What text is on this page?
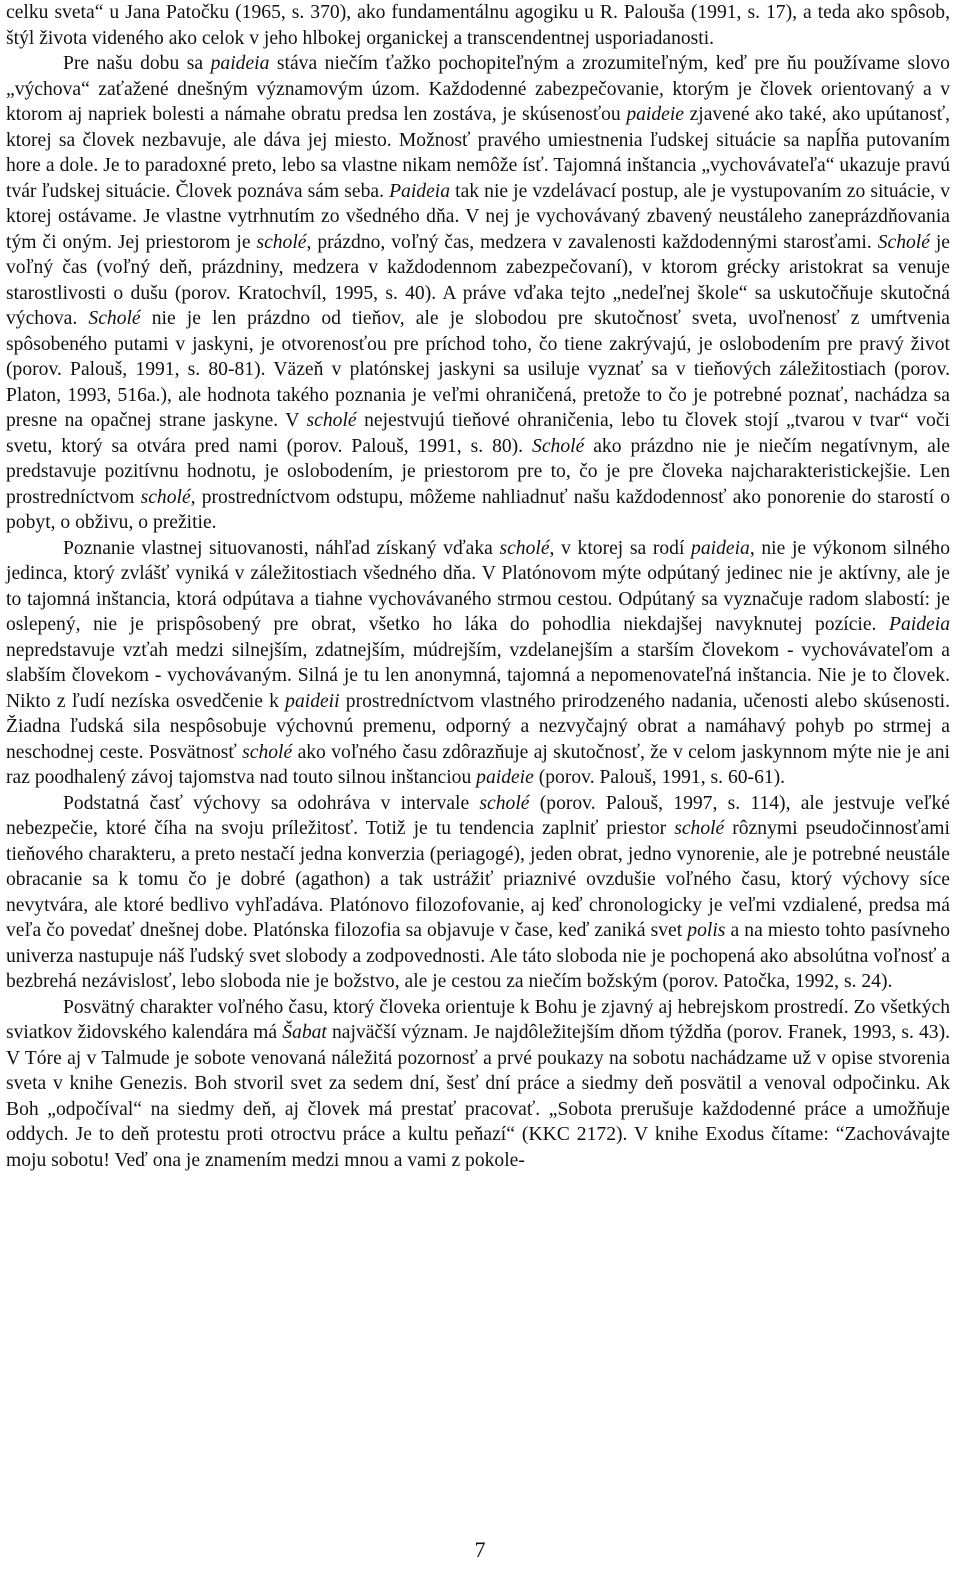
celku sveta“ u Jana Patočku (1965, s. 370), ako fundamentálnu agogiku u R. Palouša (1991, s. 17), a teda ako spôsob, štýl života videného ako celok v jeho hlbokej organickej a transcendentnej usporiadanosti.

Pre našu dobu sa paideia stáva niečím ťažko pochopiteľným a zrozumiteľným, keď pre ňu používame slovo „výchova“ zaťažené dnešným významovým úzom. Každodenné zabezpečovanie, ktorým je človek orientovaný a v ktorom aj napriek bolesti a námahe obratu predsa len zostáva, je skúsenosťou paideie zjavené ako také, ako upútanosť, ktorej sa človek nezbavuje, ale dáva jej miesto. Možnosť pravého umiestnenia ľudskej situácie sa napĺňa putovaním hore a dole. Je to paradoxné preto, lebo sa vlastne nikam nemôže ísť. Tajomná inštancia „vychovávateľa“ ukazuje pravú tvár ľudskej situácie. Človek poznáva sám seba. Paideia tak nie je vzdelávací postup, ale je vystupovaním zo situácie, v ktorej ostávame. Je vlastne vytrhnutím zo všedného dňa. V nej je vychovávaný zbavený neustáleho zaneprázdňovania tým či oným. Jej priestorom je scholé, prázdno, voľný čas, medzera v zavalenosti každodennými starosťami. Scholé je voľný čas (voľný deň, prázdniny, medzera v každodennom zabezpečovaní), v ktorom grécky aristokrat sa venuje starostlivosti o dušu (porov. Kratochvíl, 1995, s. 40). A práve vďaka tejto „nedeľnej škole“ sa uskutočňuje skutočná výchova. Scholé nie je len prázdno od tieňov, ale je slobodou pre skutočnosť sveta, uvoľnenosť z umŕtvenia spôsobeného putami v jaskyni, je otvorenosťou pre príchod toho, čo tiene zakrývajú, je oslobodením pre pravý život (porov. Palouš, 1991, s. 80-81). Väzeň v platónskej jaskyni sa usiluje vyznať sa v tieňových záležitostiach (porov. Platon, 1993, 516a.), ale hodnota takého poznania je veľmi ohraničená, pretože to čo je potrebné poznať, nachádza sa presne na opačnej strane jaskyne. V scholé nejestvujú tieňové ohraničenia, lebo tu človek stojí „tvarou v tvar“ voči svetu, ktorý sa otvára pred nami (porov. Palouš, 1991, s. 80). Scholé ako prázdno nie je niečím negatívnym, ale predstavuje pozitívnu hodnotu, je oslobodením, je priestorom pre to, čo je pre človeka najcharakteristickejšie. Len prostredníctvom scholé, prostredníctvom odstupu, môžeme nahliadnuť našu každodennosť ako ponorenie do starostí o pobyt, o obživu, o prežitie.

Poznanie vlastnej situovanosti, náhľad získaný vďaka scholé, v ktorej sa rodí paideia, nie je výkonom silného jedinca, ktorý zvlášť vyniká v záležitostiach všedného dňa. V Platónovom mýte odpútaný jedinec nie je aktívny, ale je to tajomná inštancia, ktorá odpútava a tiahne vychovávaného strmou cestou. Odpútaný sa vyznačuje radom slabostí: je oslepený, nie je prispôsobený pre obrat, všetko ho láka do pohodlia niekdajšej navyknutej pozície. Paideia nepredstavuje vzťah medzi silnejším, zdatnejším, múdrejším, vzdelanejším a starším človekom - vychovávateľom a slabším človekom - vychovávaným. Silná je tu len anonymná, tajomná a nepomenovateľná inštancia. Nie je to človek. Nikto z ľudí nezíska osvedčenie k paideii prostredníctvom vlastného prirodzeného nadania, učenosti alebo skúsenosti. Žiadna ľudská sila nespôsobuje výchovnú premenu, odporný a nezvyčajný obrat a namáhavý pohyb po strmej a neschodnej ceste. Posvätnosť scholé ako voľného času zdôrazňuje aj skutočnosť, že v celom jaskynnom mýte nie je ani raz poodhalený závoj tajomstva nad touto silnou inštanciou paideie (porov. Palouš, 1991, s. 60-61).

Podstatná časť výchovy sa odohráva v intervale scholé (porov. Palouš, 1997, s. 114), ale jestvuje veľké nebezpečie, ktoré číha na svoju príležitosť. Totiž je tu tendencia zaplniť priestor scholé rôznymi pseudočinnosťami tieňového charakteru, a preto nestačí jedna konverzia (periagogé), jeden obrat, jedno vynorenie, ale je potrebné neustále obracanie sa k tomu čo je dobré (agathon) a tak ustrážiť priaznivé ovzdušie voľného času, ktorý výchovy síce nevytvára, ale ktoré bedlivo vyhľadáva. Platónovo filozofovanie, aj keď chronologicky je veľmi vzdialené, predsa má veľa čo povedať dnešnej dobe. Platónska filozofia sa objavuje v čase, keď zaniká svet polis a na miesto tohto pasívneho univerza nastupuje náš ľudský svet slobody a zodpovednosti. Ale táto sloboda nie je pochopená ako absolútna voľnosť a bezbrehá nezávislosť, lebo sloboda nie je božstvo, ale je cestou za niečím božským (porov. Patočka, 1992, s. 24).

Posvätný charakter voľného času, ktorý človeka orientuje k Bohu je zjavný aj hebrejskom prostredí. Zo všetkých sviatkov židovského kalendára má Šabat najväčší význam. Je najdôležitejším dňom týždňa (porov. Franek, 1993, s. 43). V Tóre aj v Talmude je sobote venovaná náležitá pozornosť a prvé poukazy na sobotu nachádzame už v opise stvorenia sveta v knihe Genezis. Boh stvoril svet za sedem dní, šesť dní práce a siedmy deň posvätil a venoval odpočinku. Ak Boh „odpočíval“ na siedmy deň, aj človek má prestať pracovať. „Sobota prerušuje každodenné práce a umožňuje oddych. Je to deň protestu proti otroctvu práce a kultu peňazí“ (KKC 2172). V knihe Exodus čítame: “Zachovávajte moju sobotu! Veď ona je znamením medzi mnou a vami z pokole-

7
